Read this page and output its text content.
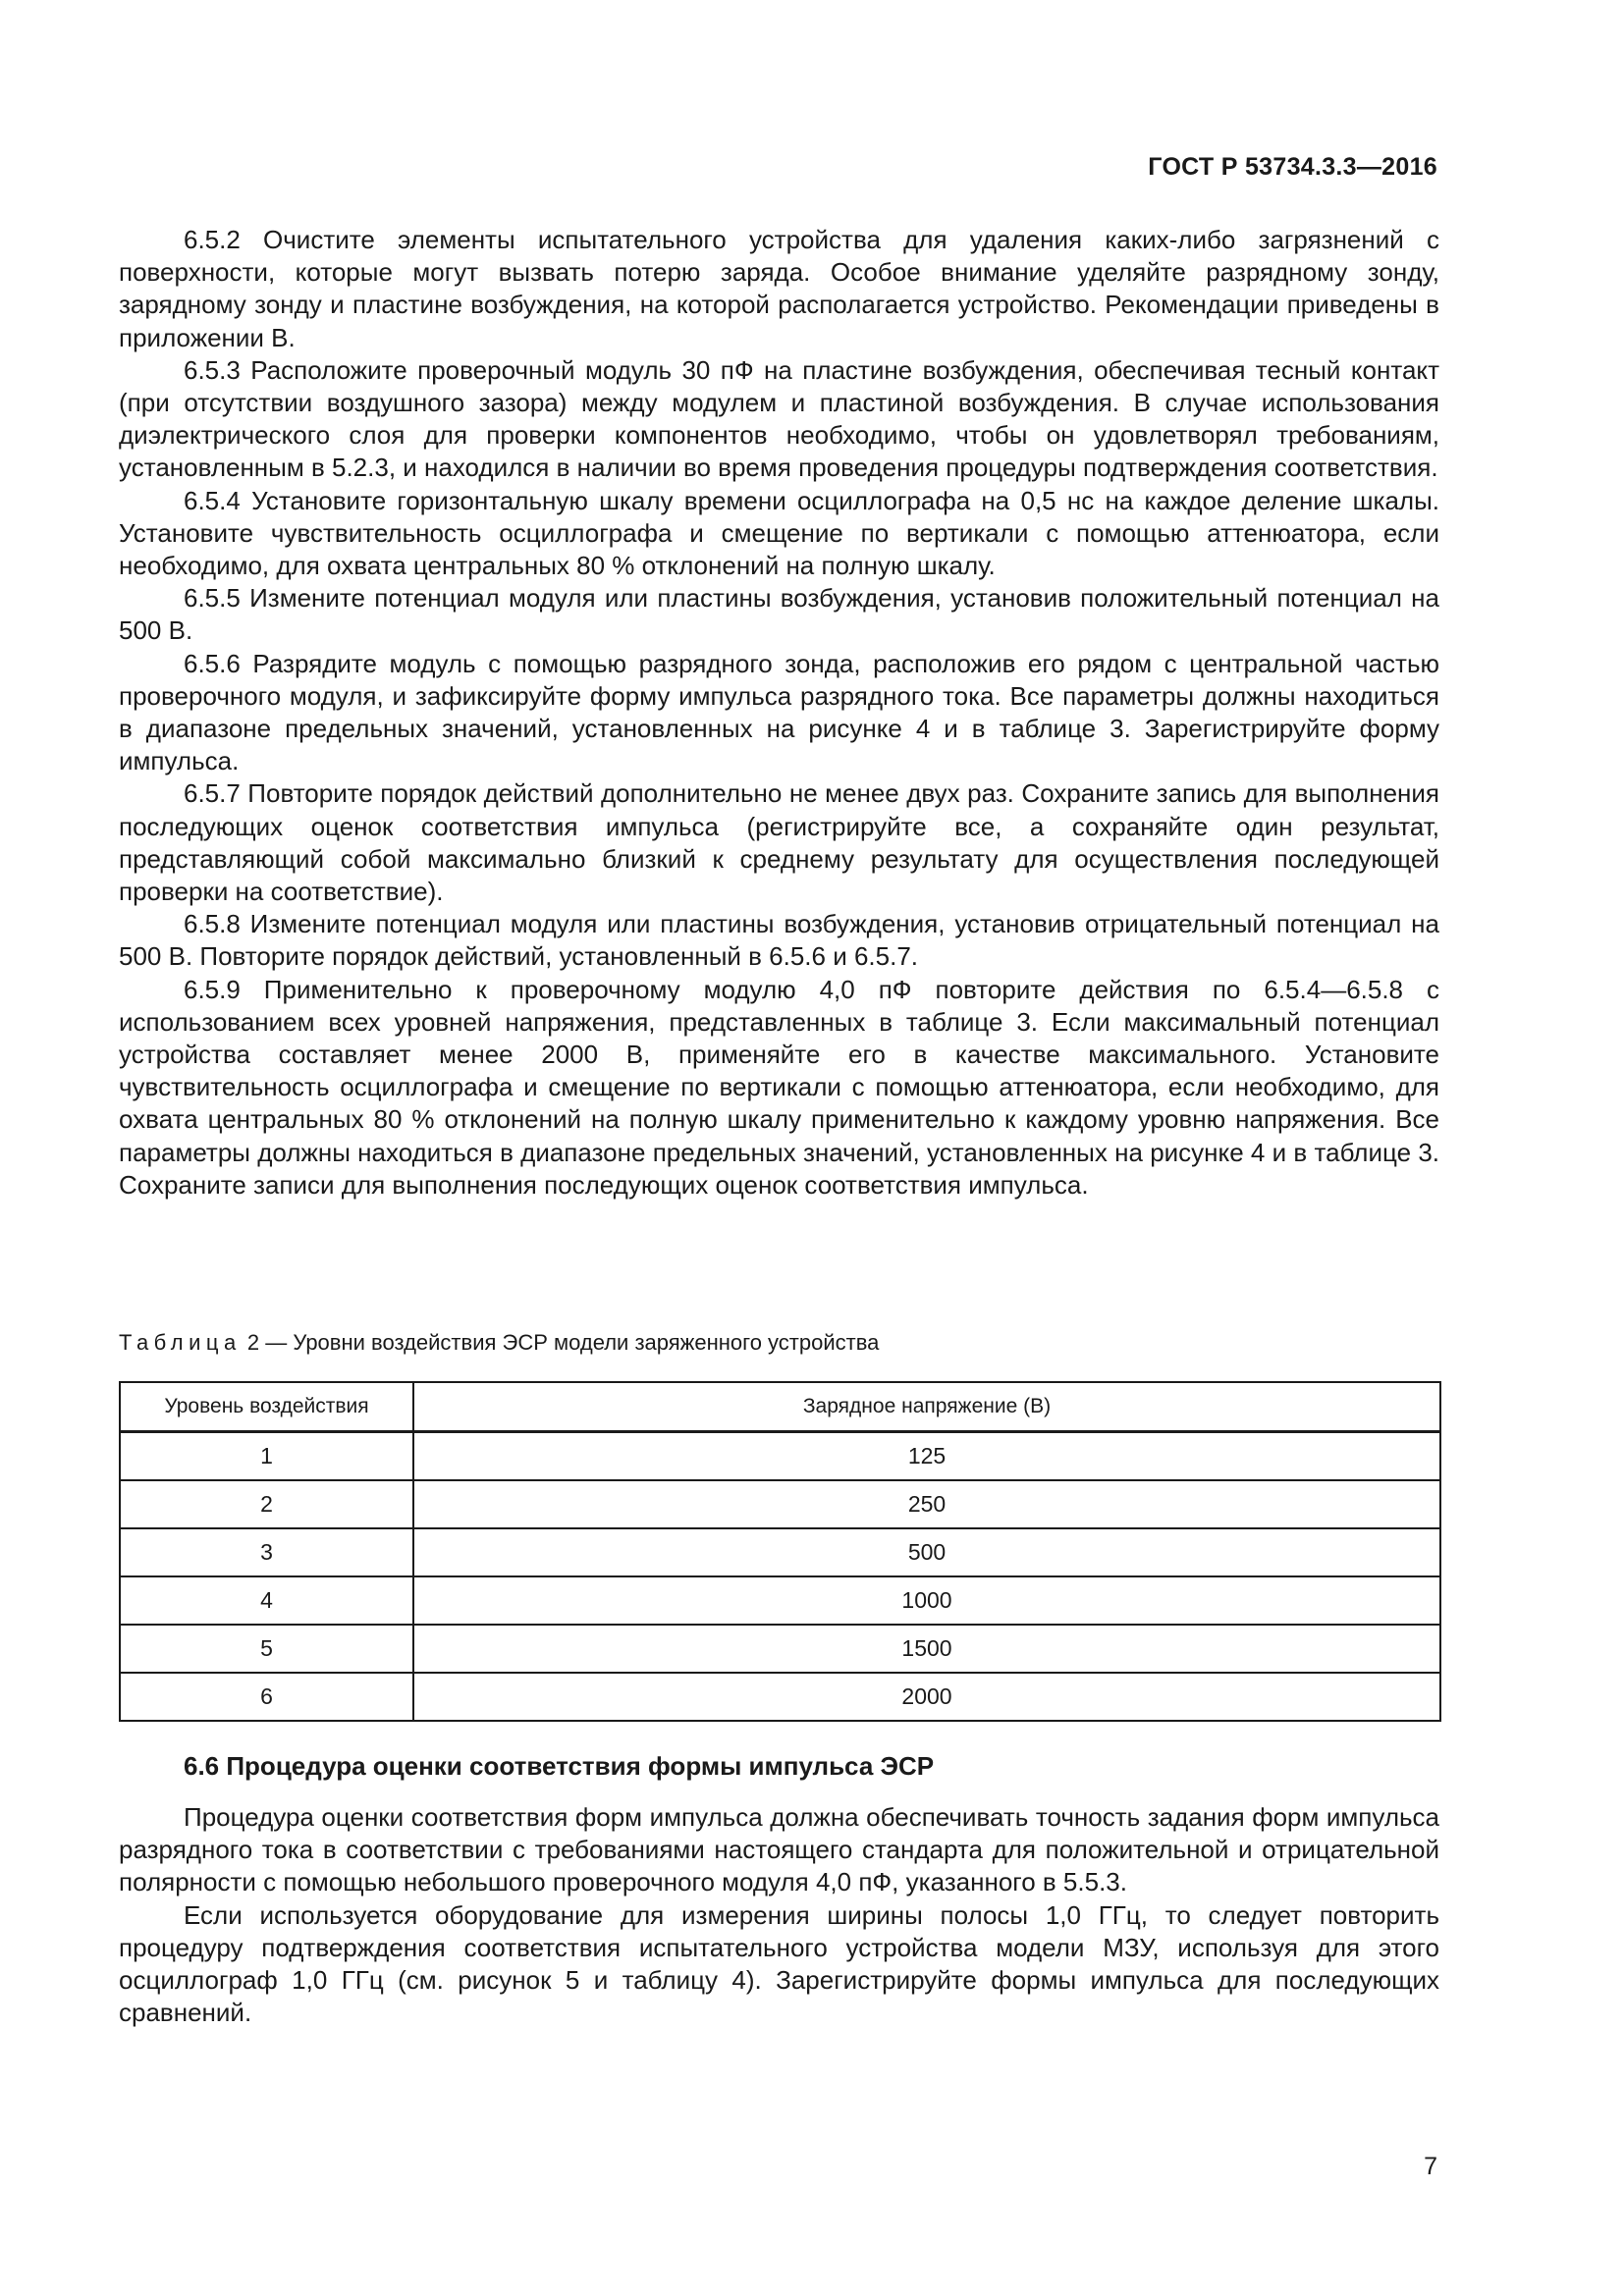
ГОСТ Р 53734.3.3—2016

6.5.2 Очистите элементы испытательного устройства для удаления каких-либо загрязнений с поверхности, которые могут вызвать потерю заряда. Особое внимание уделяйте разрядному зонду, зарядному зонду и пластине возбуждения, на которой располагается устройство. Рекомендации приведены в приложении В.

6.5.3 Расположите проверочный модуль 30 пФ на пластине возбуждения, обеспечивая тесный контакт (при отсутствии воздушного зазора) между модулем и пластиной возбуждения. В случае использования диэлектрического слоя для проверки компонентов необходимо, чтобы он удовлетворял требованиям, установленным в 5.2.3, и находился в наличии во время проведения процедуры подтверждения соответствия.

6.5.4 Установите горизонтальную шкалу времени осциллографа на 0,5 нс на каждое деление шкалы. Установите чувствительность осциллографа и смещение по вертикали с помощью аттенюатора, если необходимо, для охвата центральных 80 % отклонений на полную шкалу.

6.5.5 Измените потенциал модуля или пластины возбуждения, установив положительный потенциал на 500 В.

6.5.6 Разрядите модуль с помощью разрядного зонда, расположив его рядом с центральной частью проверочного модуля, и зафиксируйте форму импульса разрядного тока. Все параметры должны находиться в диапазоне предельных значений, установленных на рисунке 4 и в таблице 3. Зарегистрируйте форму импульса.

6.5.7 Повторите порядок действий дополнительно не менее двух раз. Сохраните запись для выполнения последующих оценок соответствия импульса (регистрируйте все, а сохраняйте один результат, представляющий собой максимально близкий к среднему результату для осуществления последующей проверки на соответствие).

6.5.8 Измените потенциал модуля или пластины возбуждения, установив отрицательный потенциал на 500 В. Повторите порядок действий, установленный в 6.5.6 и 6.5.7.

6.5.9 Применительно к проверочному модулю 4,0 пФ повторите действия по 6.5.4—6.5.8 с использованием всех уровней напряжения, представленных в таблице 3. Если максимальный потенциал устройства составляет менее 2000 В, применяйте его в качестве максимального. Установите чувствительность осциллографа и смещение по вертикали с помощью аттенюатора, если необходимо, для охвата центральных 80 % отклонений на полную шкалу применительно к каждому уровню напряжения. Все параметры должны находиться в диапазоне предельных значений, установленных на рисунке 4 и в таблице 3. Сохраните записи для выполнения последующих оценок соответствия импульса.

Таблица 2 — Уровни воздействия ЭСР модели заряженного устройства
Уровень воздействия	Зарядное напряжение (В)
1	125
2	250
3	500
4	1000
5	1500
6	2000
6.6 Процедура оценки соответствия формы импульса ЭСР

Процедура оценки соответствия форм импульса должна обеспечивать точность задания форм импульса разрядного тока в соответствии с требованиями настоящего стандарта для положительной и отрицательной полярности с помощью небольшого проверочного модуля 4,0 пФ, указанного в 5.5.3.

Если используется оборудование для измерения ширины полосы 1,0 ГГц, то следует повторить процедуру подтверждения соответствия испытательного устройства модели МЗУ, используя для этого осциллограф 1,0 ГГц (см. рисунок 5 и таблицу 4). Зарегистрируйте формы импульса для последующих сравнений.

7
